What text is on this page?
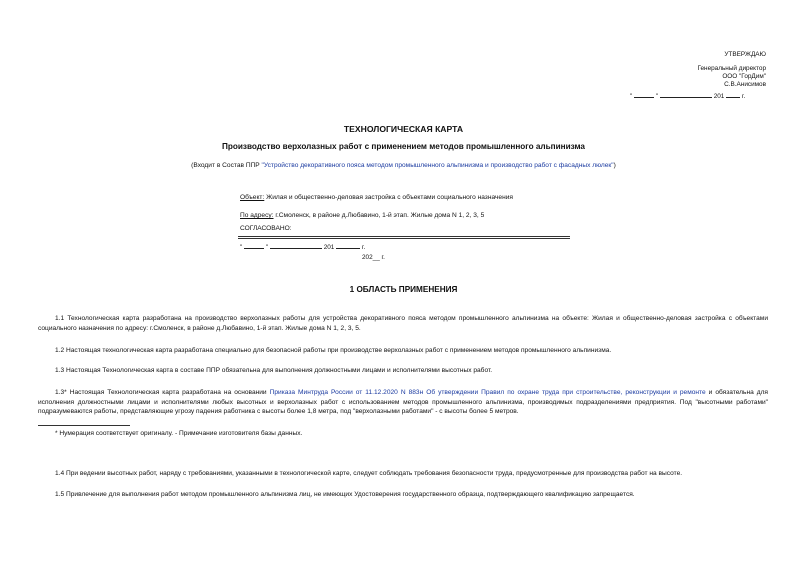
УТВЕРЖДАЮ
Генеральный директор
ООО "ГорДим"
С.В.Анисимов
"	"	201	г.
ТЕХНОЛОГИЧЕСКАЯ КАРТА
Производство верхолазных работ с применением методов промышленного альпинизма
(Входит в Состав ППР "Устройство декоративного пояса методом промышленного альпинизма и производство работ с фасадных люлек")
Объект: Жилая и общественно-деловая застройка с объектами социального назначения
По адресу: г.Смоленск, в районе д.Любавино, 1-й этап. Жилые дома N 1, 2, 3, 5
СОГЛАСОВАНО:
"	"	201	г.
202__ г.
1 ОБЛАСТЬ ПРИМЕНЕНИЯ
1.1 Технологическая карта разработана на производство верхолазных работы для устройства декоративного пояса методом промышленного альпинизма на объекте: Жилая и общественно-деловая застройка с объектами социального назначения по адресу: г.Смоленск, в районе д.Любавино, 1-й этап. Жилые дома N 1, 2, 3, 5.
1.2 Настоящая технологическая карта разработана специально для безопасной работы при производстве верхолазных работ с применением методов промышленного альпинизма.
1.3 Настоящая Технологическая карта в составе ППР обязательна для выполнения должностными лицами и исполнителями высотных работ.
1.3* Настоящая Технологическая карта разработана на основании Приказа Минтруда России от 11.12.2020 N 883н Об утверждении Правил по охране труда при строительстве, реконструкции и ремонте и обязательна для исполнения должностными лицами и исполнителями любых высотных и верхолазных работ с использованием методов промышленного альпинизма, производимых подразделениями предприятия. Под "высотными работами" подразумеваются работы, представляющие угрозу падения работника с высоты более 1,8 метра, под "верхолазными работами" - с высоты более 5 метров.
* Нумерация соответствует оригиналу. - Примечание изготовителя базы данных.
1.4 При ведении высотных работ, наряду с требованиями, указанными в технологической карте, следует соблюдать требования безопасности труда, предусмотренные для производства работ на высоте.
1.5 Привлечение для выполнения работ методом промышленного альпинизма лиц, не имеющих Удостоверения государственного образца, подтверждающего квалификацию запрещается.
